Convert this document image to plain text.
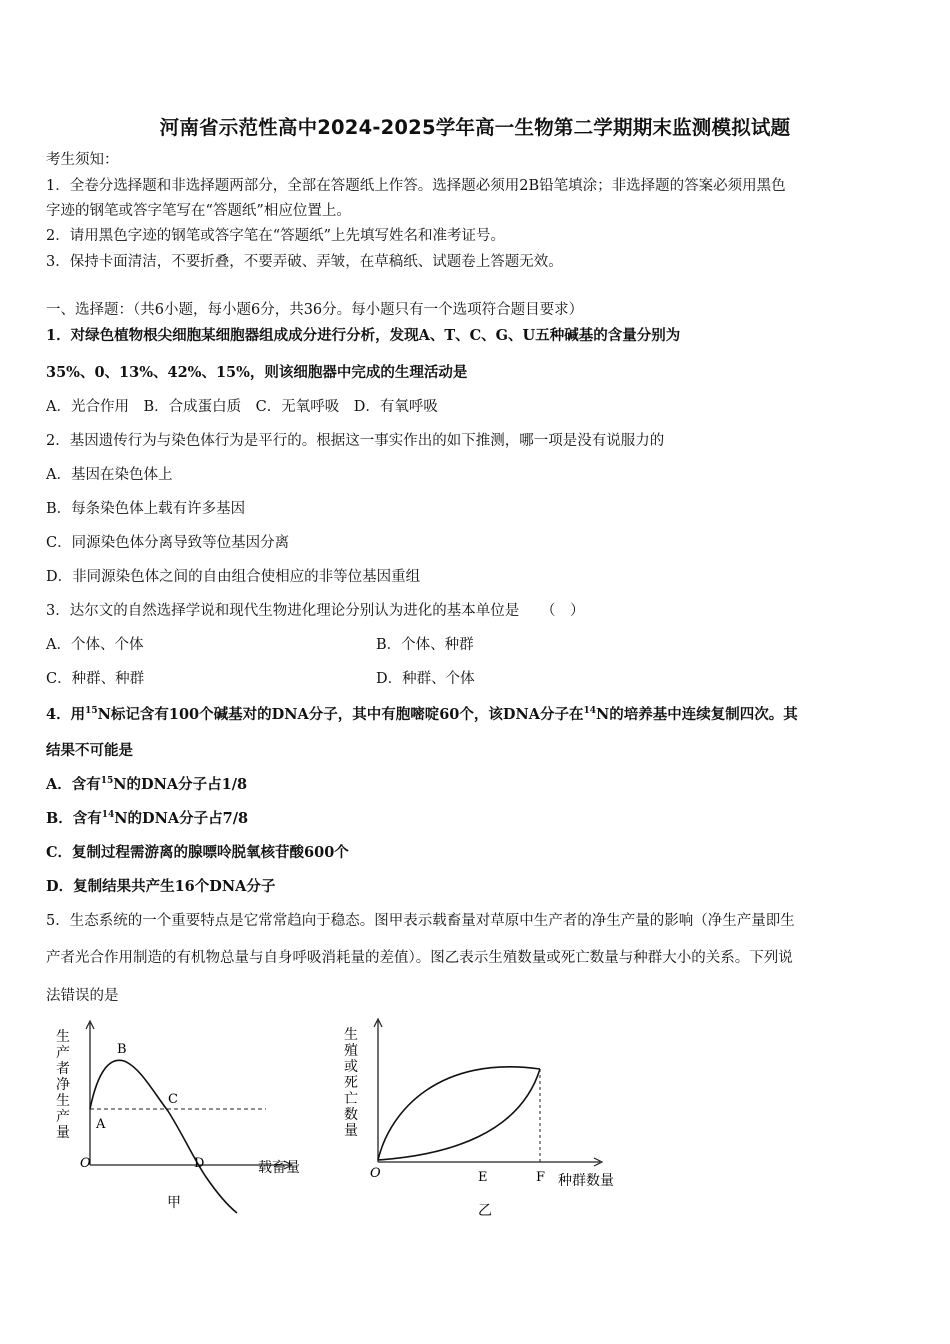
河南省示范性高中2024-2025学年高一生物第二学期期末监测模拟试题
考生须知：
1．全卷分选择题和非选择题两部分，全部在答题纸上作答。选择题必须用2B铅笔填涂；非选择题的答案必须用黑色
字迹的钢笔或答字笔写在“答题纸”相应位置上。
2．请用黑色字迹的钢笔或答字笔在“答题纸”上先填写姓名和准考证号。
3．保持卡面清洁，不要折叠，不要弄破、弄皱，在草稿纸、试题卷上答题无效。
一、选择题：（共6小题，每小题6分，共36分。每小题只有一个选项符合题目要求）
1．对绿色植物根尖细胞某细胞器组成成分进行分析，发现A、T、C、G、U五种碱基的含量分别为
35%、0、13%、42%、15%，则该细胞器中完成的生理活动是
A．光合作用　B．合成蛋白质　C．无氧呼吸　D．有氧呼吸
2．基因遗传行为与染色体行为是平行的。根据这一事实作出的如下推测，哪一项是没有说服力的
A．基因在染色体上
B．每条染色体上载有许多基因
C．同源染色体分离导致等位基因分离
D．非同源染色体之间的自由组合使相应的非等位基因重组
3．达尔文的自然选择学说和现代生物进化理论分别认为进化的基本单位是　　（　）
A．个体、个体	B．个体、种群
C．种群、种群	D．种群、个体
4．用$^{15}$N标记含有100个碱基对的DNA分子，其中有胞嘧啶60个，该DNA分子在$^{14}$N的培养基中连续复制四次。其
结果不可能是
A．含有$^{15}$N的DNA分子占1/8
B．含有$^{14}$N的DNA分子占7/8
C．复制过程需游离的腺嘌呤脱氧核苷酸600个
D．复制结果共产生16个DNA分子
5．生态系统的一个重要特点是它常常趋向于稳态。图甲表示载畜量对草原中生产者的净生产量的影响（净生产量即生
产者光合作用制造的有机物总量与自身呼吸消耗量的差值）。图乙表示生殖数量或死亡数量与种群大小的关系。下列说
法错误的是
生
产
者
净
生
产
量
A
B
C
D
O	载畜量
甲
生
殖
或
死
亡
数
量
O	E	F 种群数量
乙
